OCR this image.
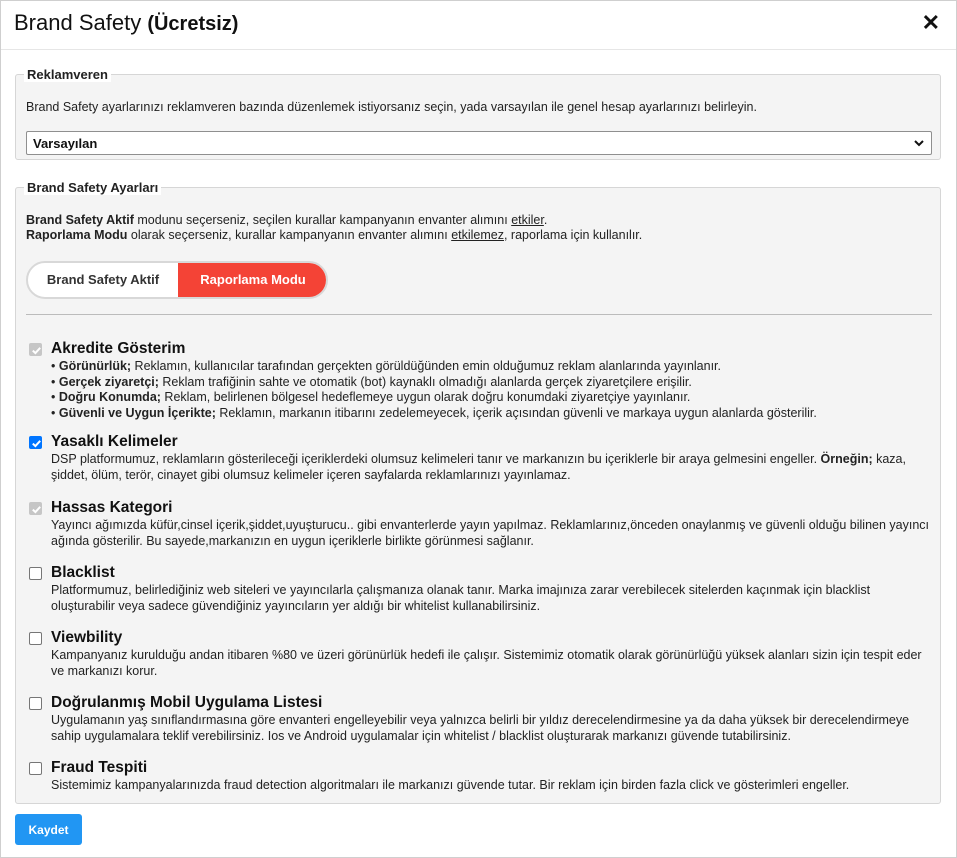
Brand Safety (Ücretsiz)	✕
Reklamveren
Brand Safety ayarlarınızı reklamveren bazında düzenlemek istiyorsanız seçin, yada varsayılan ile genel hesap ayarlarınızı belirleyin.
Varsayılan
Brand Safety Ayarları
Brand Safety Aktif modunu seçerseniz, seçilen kurallar kampanyanın envanter alımını etkiler.
Raporlama Modu olarak seçerseniz, kurallar kampanyanın envanter alımını etkilemez, raporlama için kullanılır.
Brand Safety Aktif	Raporlama Modu
Akredite Gösterim
• Görünürlük; Reklamın, kullanıcılar tarafından gerçekten görüldüğünden emin olduğumuz reklam alanlarında yayınlanır.
• Gerçek ziyaretçi; Reklam trafiğinin sahte ve otomatik (bot) kaynaklı olmadığı alanlarda gerçek ziyaretçilere erişilir.
• Doğru Konumda; Reklam, belirlenen bölgesel hedeflemeye uygun olarak doğru konumdaki ziyaretçiye yayınlanır.
• Güvenli ve Uygun İçerikte; Reklamın, markanın itibarını zedelemeyecek, içerik açısından güvenli ve markaya uygun alanlarda gösterilir.
Yasaklı Kelimeler
DSP platformumuz, reklamların gösterileceği içeriklerdeki olumsuz kelimeleri tanır ve markanızın bu içeriklerle bir araya gelmesini engeller. Örneğin; kaza, şiddet, ölüm, terör, cinayet gibi olumsuz kelimeler içeren sayfalarda reklamlarınızı yayınlamaz.
Hassas Kategori
Yayıncı ağımızda küfür,cinsel içerik,şiddet,uyuşturucu.. gibi envanterlerde yayın yapılmaz. Reklamlarınız,önceden onaylanmış ve güvenli olduğu bilinen yayıncı ağında gösterilir. Bu sayede,markanızın en uygun içeriklerle birlikte görünmesi sağlanır.
Blacklist
Platformumuz, belirlediğiniz web siteleri ve yayıncılarla çalışmanıza olanak tanır. Marka imajınıza zarar verebilecek sitelerden kaçınmak için blacklist oluşturabilir veya sadece güvendiğiniz yayıncıların yer aldığı bir whitelist kullanabilirsiniz.
Viewbility
Kampanyanız kurulduğu andan itibaren %80 ve üzeri görünürlük hedefi ile çalışır. Sistemimiz otomatik olarak görünürlüğü yüksek alanları sizin için tespit eder ve markanızı korur.
Doğrulanmış Mobil Uygulama Listesi
Uygulamanın yaş sınıflandırmasına göre envanteri engelleyebilir veya yalnızca belirli bir yıldız derecelendirmesine ya da daha yüksek bir derecelendirmeye sahip uygulamalara teklif verebilirsiniz. Ios ve Android uygulamalar için whitelist / blacklist oluşturarak markanızı güvende tutabilirsiniz.
Fraud Tespiti
Sistemimiz kampanyalarınızda fraud detection algoritmaları ile markanızı güvende tutar. Bir reklam için birden fazla click ve gösterimleri engeller.
Kaydet
